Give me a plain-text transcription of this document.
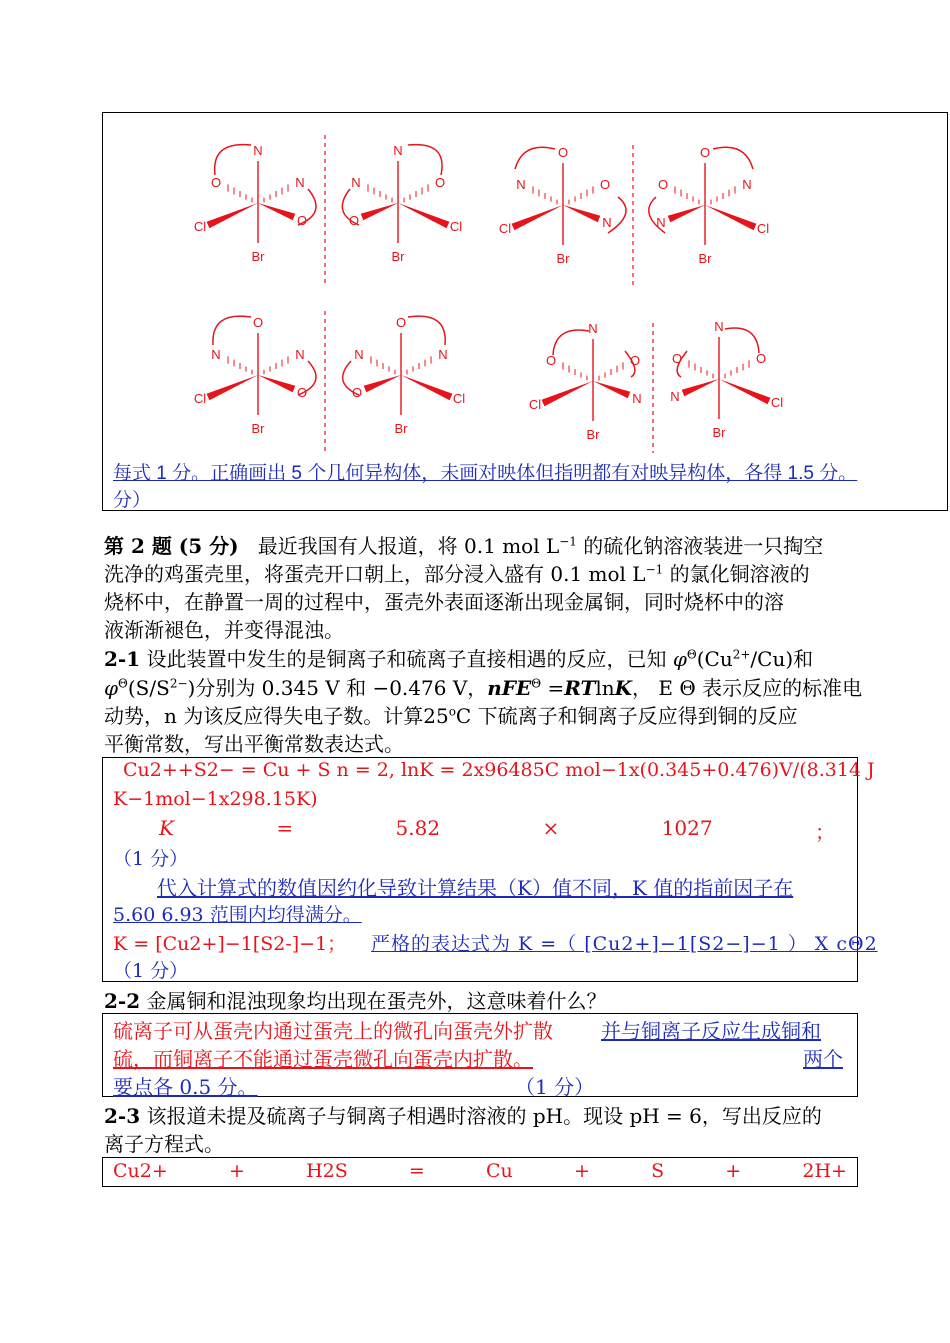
N
Br
O	N
Cl	O
N
Br
O
N
Cl
O
O
Br
N	O
Cl	N
O
Br
N
O
Cl
N
O
Br
N	N
Cl	O
O
Br
N
N
Cl
O
N
Br
O	O
Cl	N
N
Br
O
O
Cl
N
每式 1 分。正确画出 5 个几何异构体，未画对映体但指明都有对映异构体，各得 1.5 分。
分）
第 2 题 (5 分) 最近我国有人报道，将 0.1 mol $L^{-1}$ 的硫化钠溶液装进一只掏空
洗净的鸡蛋壳里，将蛋壳开口朝上，部分浸入盛有 0.1 mol $L^{-1}$ 的氯化铜溶液的
烧杯中，在静置一周的过程中，蛋壳外表面逐渐出现金属铜，同时烧杯中的溶
液渐渐褪色，并变得混浊。
2-1 设此装置中发生的是铜离子和硫离子直接相遇的反应，已知 $\varphi^\Theta(Cu^{2+}/Cu)$和
$\varphi^\Theta(S/S^{2-})$分别为 0.345 V 和 −0.476 V，nFE$^\Theta$ =RTlnK， E Θ 表示反应的标准电
动势，n 为该反应得失电子数。计算25$^o$C 下硫离子和铜离子反应得到铜的反应
平衡常数，写出平衡常数表达式。
Cu2++S2− = Cu + S n = 2, lnK = 2x96485C mol−1x(0.345+0.476)V/(8.314 J
K−1mol−1x298.15K)
K	=	5.82	×	1027	；
（1 分）
代入计算式的数值因约化导致计算结果（K）值不同，K 值的指前因子在
5.60 6.93 范围内均得满分。
K = [Cu2+]−1[S2-]−1； 严格的表达式为 K =（ [Cu2+]−1[S2−]−1 ） X cΘ2
（1 分）
2-2 金属铜和混浊现象均出现在蛋壳外，这意味着什么？
硫离子可从蛋壳内通过蛋壳上的微孔向蛋壳外扩散 并与铜离子反应生成铜和
硫，而铜离子不能通过蛋壳微孔向蛋壳内扩散。	两个
要点各 0.5 分。	（1 分）
2-3 该报道未提及硫离子与铜离子相遇时溶液的 pH。现设 pH = 6，写出反应的
离子方程式。
Cu2+	+	H2S	=	Cu	+	S	+	2H+
